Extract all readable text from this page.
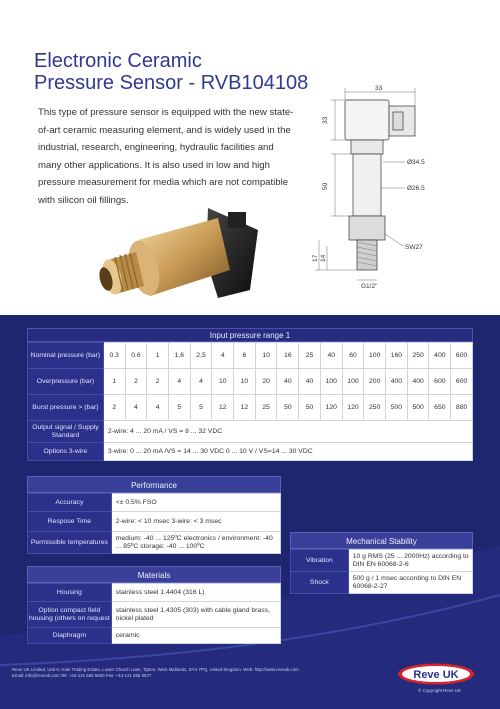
Electronic Ceramic
Pressure Sensor - RVB104108

This type of pressure sensor is equipped with the new state-of-art ceramic measuring element, and is widely used in the industrial, research, engineering, hydraulic facilities and many other applications. It is also used in low and high pressure measurement for media which are not compatible with silicon oil fillings.

33
33
Ø34.5
Ø26.5
50
SW27
17 14
G1/2"
Input pressure range 1
Nominal pressure (bar)	0.3	0.6	1	1,6	2,5	4	6	10	16	25	40	60	100	160	250	400	600
Overpressure (bar)	1	2	2	4	4	10	10	20	40	40	100	100	200	400	400	600	600
Burst pressure > (bar)	2	4	4	5	5	12	12	25	50	50	120	120	250	500	500	650	880
Output signal / Supply Standard	2-wire: 4 ... 20 mA / VS = 8 ... 32 VDC																
Options 3-wire	3-wire: 0 ... 20 mA /VS = 14 ... 30 VDC 0 ... 10 V / VS=14 ... 30 VDC																
Performance
Accuracy	<± 0.5% FSO
Respose Time	2-wire: < 10 msec 3-wire: < 3 msec
Permissible temperatures	medium: -40 ... 125ºC electronics / environment: -40 ... 85ºC storage: -40 ... 100ºC
Materials
Housing	stainless steel 1.4404 (316 L)
Option compact field housing (others on request	stainless steel 1.4305 (303) with cable gland brass, nickel plated
Diaphragm	ceramic
Mechanical Stability
Vibration	10 g RMS (25 ... 2000Hz) according to DIN EN 60068-2-6
Shock	500 g / 1 msec according to DIN EN 60068-2-27

Reve UK Limited, Unit 6, Hale Trading Estate, Lower Church Lane, Tipton, West Midlands, DY4 7PQ, United Kingdom. Web: http://www.reveuk.com Email: info@reveuk.com Tel: +44-121 555 5900 Fax: +44-121 555 5577	Reve UK
© Copyright Reve UK
